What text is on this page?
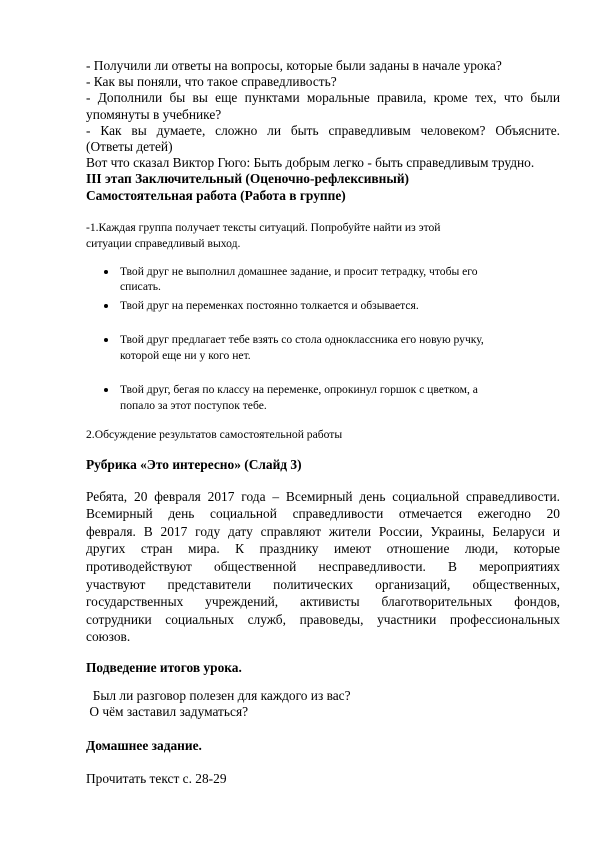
- Получили ли ответы на вопросы, которые были заданы в начале урока?
- Как вы поняли, что такое справедливость?
- Дополнили бы вы еще пунктами моральные правила, кроме тех, что были
упомянуты в учебнике?
- Как вы думаете, сложно ли быть справедливым человеком? Объясните.
(Ответы детей)
Вот что сказал Виктор Гюго: Быть добрым легко - быть справедливым трудно.
III этап Заключительный (Оценочно-рефлексивный)
Самостоятельная работа (Работа в группе)
-1.Каждая группа получает тексты ситуаций. Попробуйте найти из этой
ситуации справедливый выход.
Твой друг не выполнил домашнее задание, и просит тетрадку, чтобы его
списать.
Твой друг на переменках постоянно толкается и обзывается.
Твой друг предлагает тебе взять со стола одноклассника его новую ручку,
которой еще ни у кого нет.
Твой друг, бегая по классу на переменке, опрокинул горшок с цветком, а
попало за этот поступок тебе.
2.Обсуждение результатов самостоятельной работы
Рубрика «Это интересно» (Слайд 3)
Ребята, 20 февраля 2017 года – Всемирный день социальной справедливости.
Всемирный день социальной справедливости отмечается ежегодно 20
февраля. В 2017 году дату справляют жители России, Украины, Беларуси и
других стран мира. К празднику имеют отношение люди, которые
противодействуют общественной несправедливости. В мероприятиях
участвуют представители политических организаций, общественных,
государственных учреждений, активисты благотворительных фондов,
сотрудники социальных служб, правоведы, участники профессиональных
союзов.
Подведение итогов урока.
Был ли разговор полезен для каждого из вас?
О чём заставил задуматься?
Домашнее задание.
Прочитать текст с. 28-29
